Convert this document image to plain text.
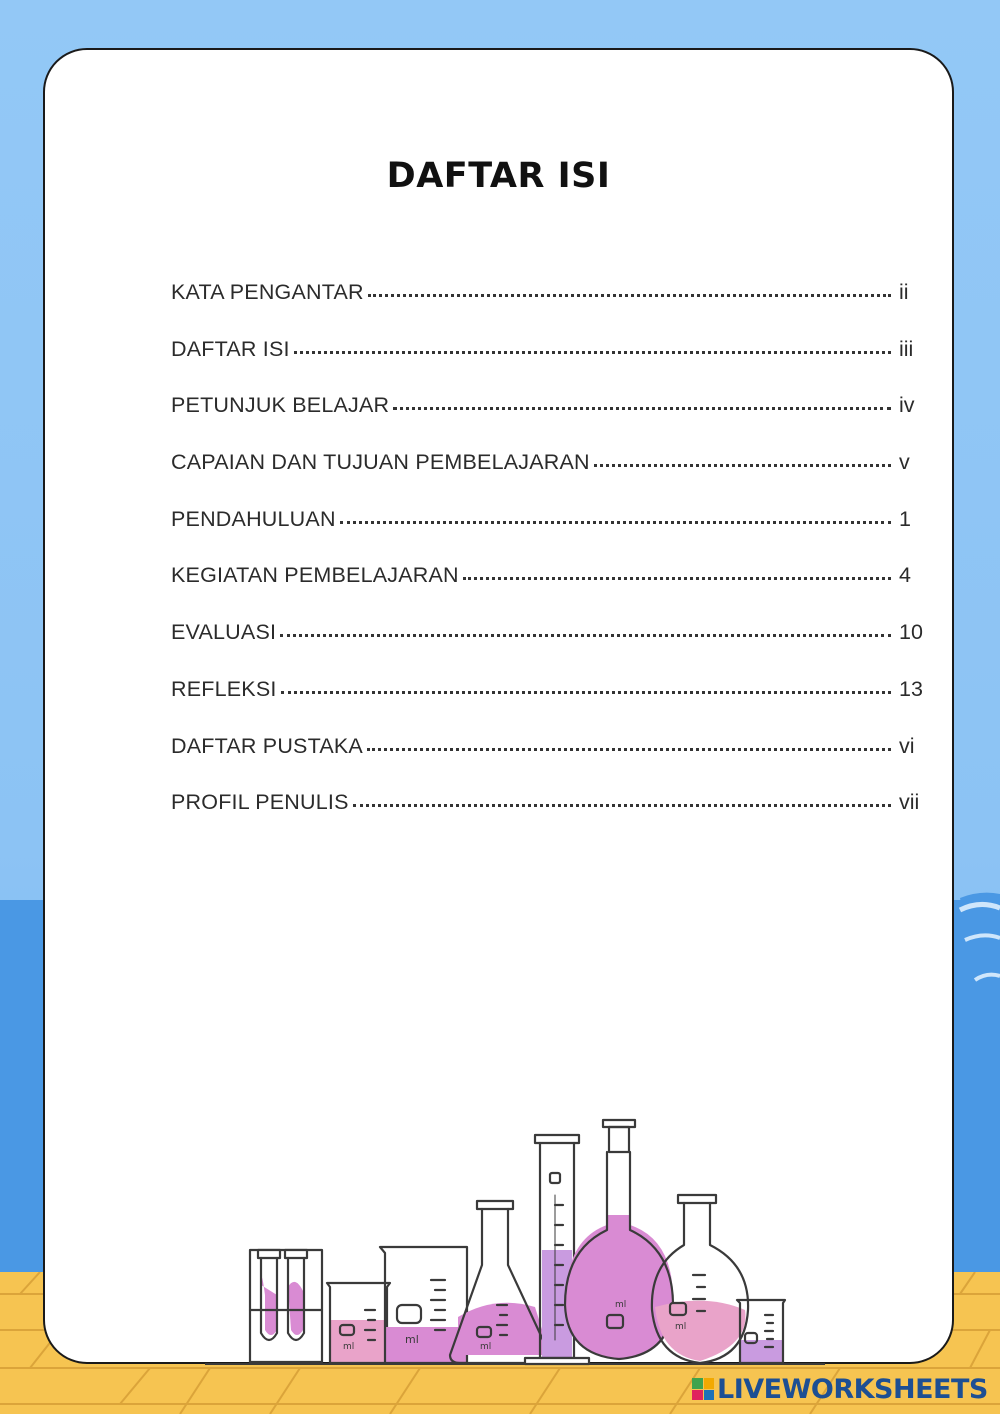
DAFTAR ISI
KATA PENGANTAR	ii
DAFTAR ISI	iii
PETUNJUK BELAJAR	iv
CAPAIAN DAN TUJUAN PEMBELAJARAN	v
PENDAHULUAN	1
KEGIATAN PEMBELAJARAN	4
EVALUASI	10
REFLEKSI	13
DAFTAR PUSTAKA	vi
PROFIL PENULIS	vii
ml
ml
ml
ml
ml
LIVEWORKSHEETS
